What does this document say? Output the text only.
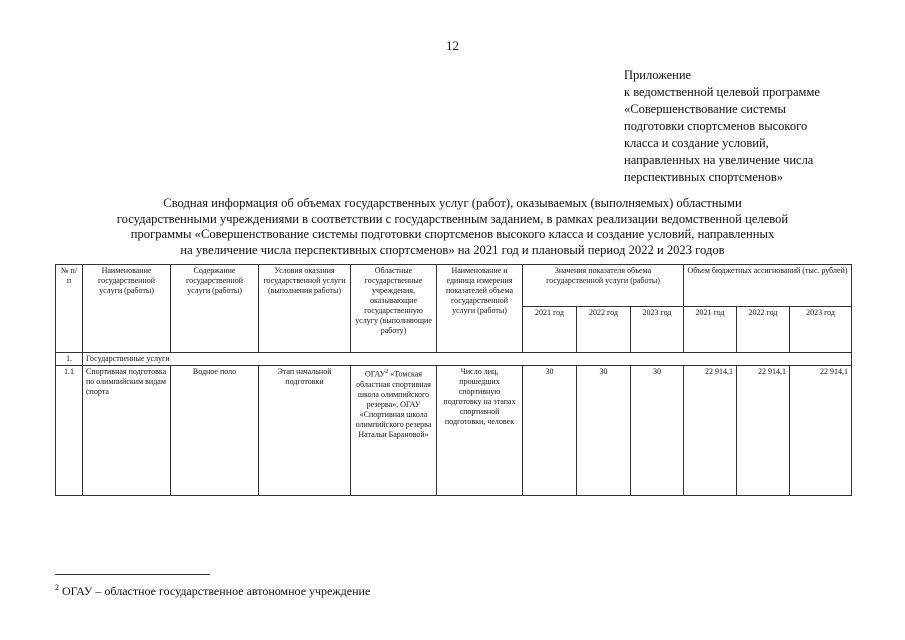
12
Приложение
к ведомственной целевой программе
«Совершенствование системы
подготовки спортсменов высокого
класса и создание условий,
направленных на увеличение числа
перспективных спортсменов»
Сводная информация об объемах государственных услуг (работ), оказываемых (выполняемых) областными
государственными учреждениями в соответствии с государственным заданием, в рамках реализации ведомственной целевой
программы «Совершенствование системы подготовки спортсменов высокого класса и создание условий, направленных
на увеличение числа перспективных спортсменов» на 2021 год и плановый период 2022 и 2023 годов
№ п/п	Наименование государственной услуги (работы)	Содержание государственной услуги (работы)	Условия оказания государственной услуги (выполнения работы)	Областные государственные учреждения, оказывающие государственную услугу (выполняющие работу)	Наименование и единица измерения показателей объема государственной услуги (работы)	Значения показателя объема государственной услуги (работы)			Объем бюджетных ассигнований (тыс. рублей)		
						2021 год	2022 год	2023 год	2021 год	2022 год	2023 год
1.	Государственные услуги										
1.1	Спортивная подготовка по олимпийским видам спорта	Водное поло	Этап начальной подготовки	ОГАУ$^2$ «Томская областная спортивная школа олимпийского резерва», ОГАУ «Спортивная школа олимпийского резерва Натальи Барановой»	Число лиц, прошедших спортивную подготовку на этапах спортивной подготовки, человек	30	30	30	22 914,1	22 914,1	22 914,1
$^2$ ОГАУ – областное государственное автономное учреждение
